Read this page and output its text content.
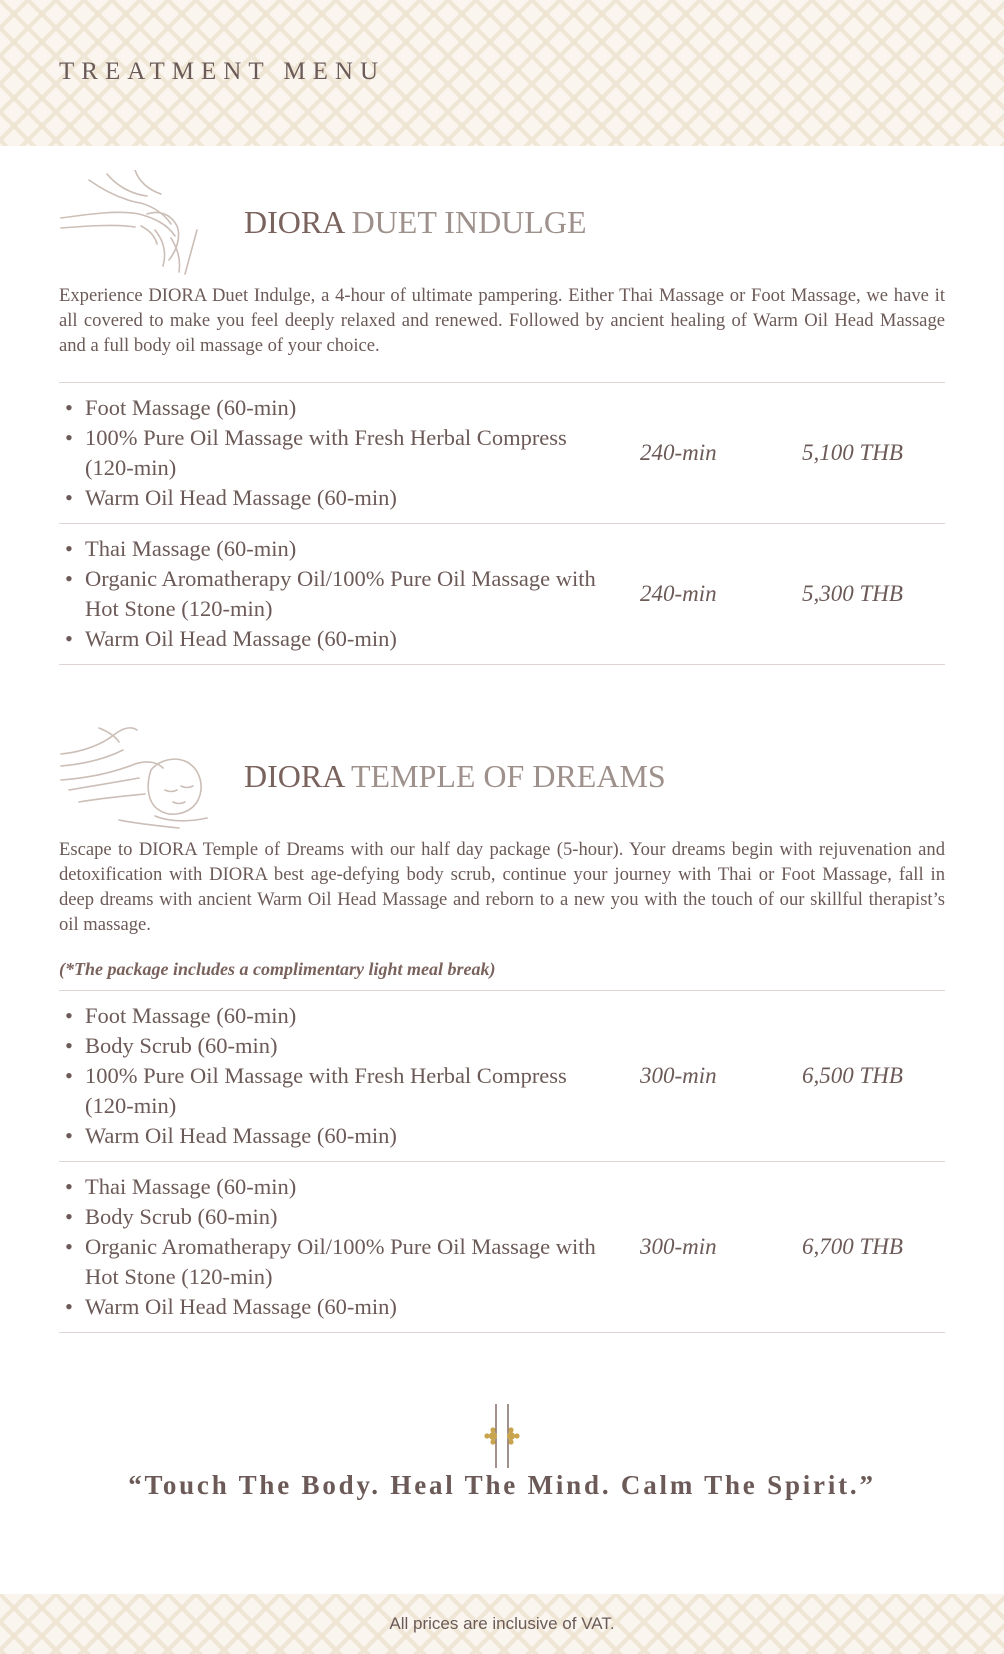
TREATMENT MENU
DIORA DUET INDULGE

Experience DIORA Duet Indulge, a 4-hour of ultimate pampering. Either Thai Massage or Foot Massage, we have it all covered to make you feel deeply relaxed and renewed. Followed by ancient healing of Warm Oil Head Massage and a full body oil massage of your choice.

• Foot Massage (60-min)
• 100% Pure Oil Massage with Fresh Herbal Compress (120-min)
• Warm Oil Head Massage (60-min)
240-min	5,100 THB
• Thai Massage (60-min)
• Organic Aromatherapy Oil/100% Pure Oil Massage with Hot Stone (120-min)
• Warm Oil Head Massage (60-min)
240-min	5,300 THB
DIORA TEMPLE OF DREAMS

Escape to DIORA Temple of Dreams with our half day package (5-hour). Your dreams begin with rejuvenation and detoxification with DIORA best age-defying body scrub, continue your journey with Thai or Foot Massage, fall in deep dreams with ancient Warm Oil Head Massage and reborn to a new you with the touch of our skillful therapist’s oil massage.

(*The package includes a complimentary light meal break)

• Foot Massage (60-min)
• Body Scrub (60-min)
• 100% Pure Oil Massage with Fresh Herbal Compress (120-min)
• Warm Oil Head Massage (60-min)
300-min	6,500 THB
• Thai Massage (60-min)
• Body Scrub (60-min)
• Organic Aromatherapy Oil/100% Pure Oil Massage with Hot Stone (120-min)
• Warm Oil Head Massage (60-min)
300-min	6,700 THB

“Touch The Body. Heal The Mind. Calm The Spirit.”

All prices are inclusive of VAT.
